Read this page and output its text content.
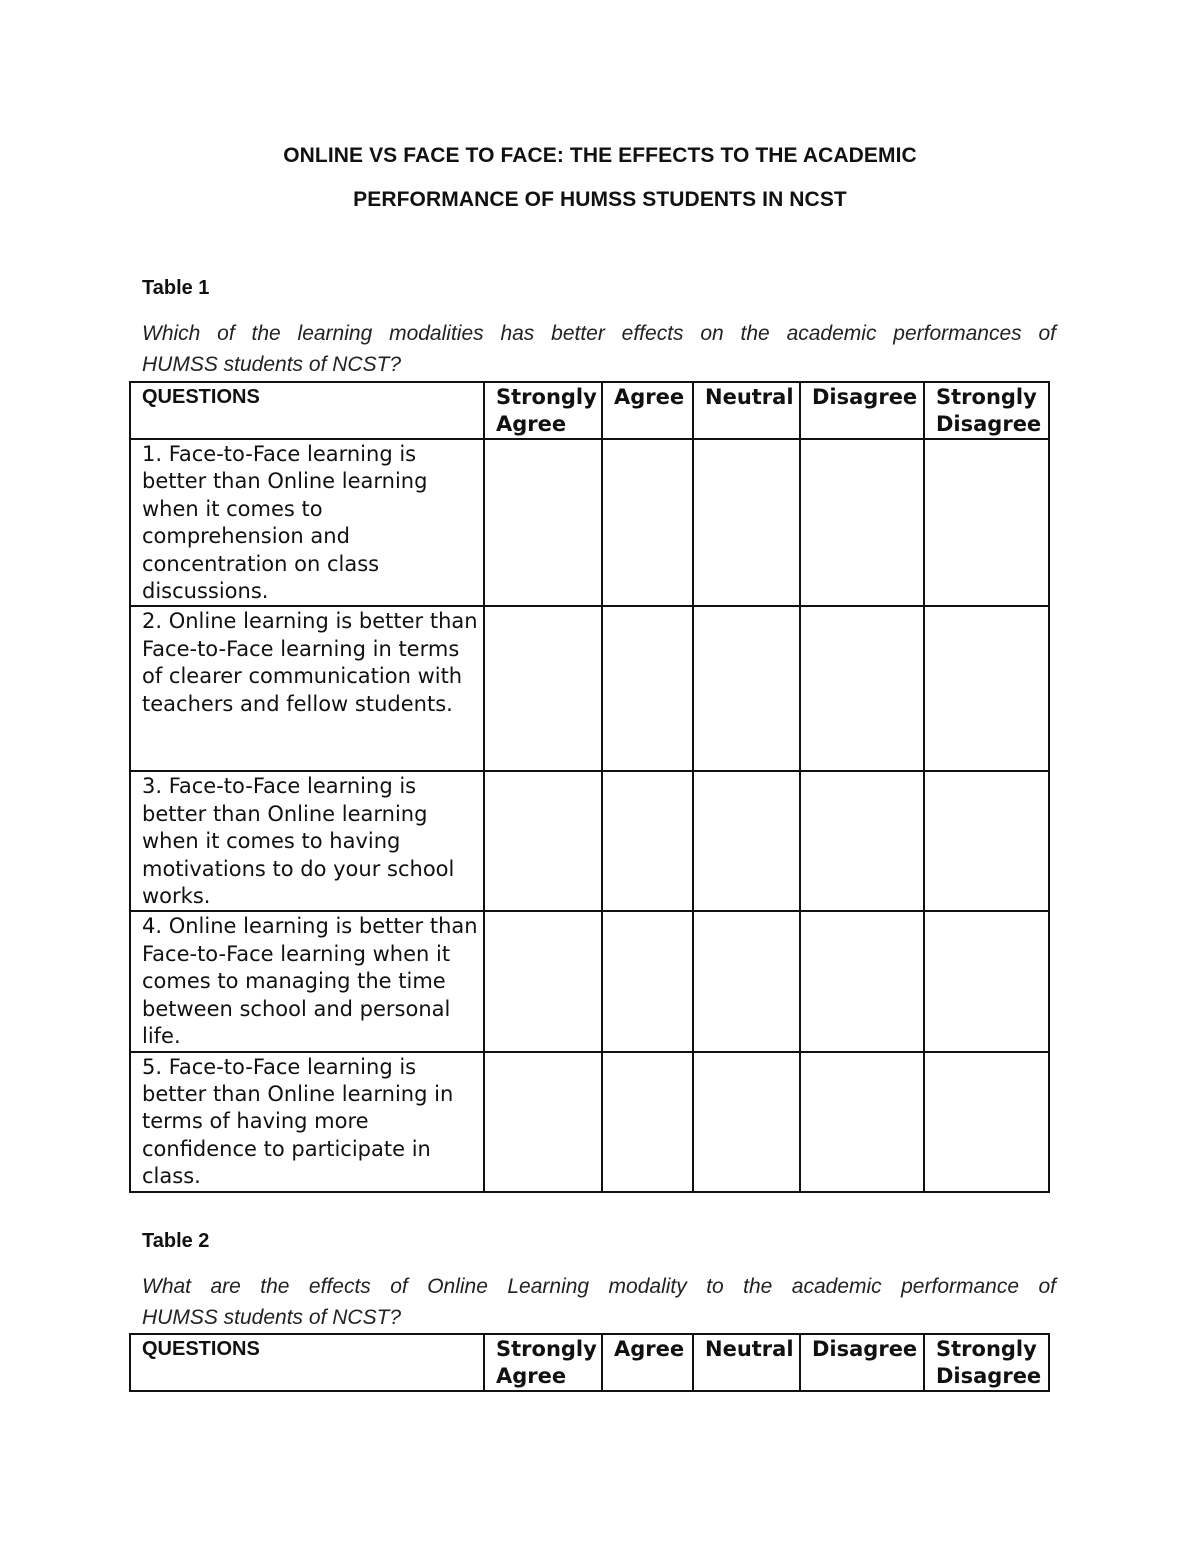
ONLINE VS FACE TO FACE: THE EFFECTS TO THE ACADEMIC
PERFORMANCE OF HUMSS STUDENTS IN NCST
Table 1
Which of the learning modalities has better effects on the academic performances of
HUMSS students of NCST?
QUESTIONS	Strongly Agree	Agree	Neutral	Disagree	Strongly Disagree
1. Face-to-Face learning is better than Online learning when it comes to comprehension and concentration on class discussions.					
2. Online learning is better than Face-to-Face learning in terms of clearer communication with teachers and fellow students.					
3. Face-to-Face learning is better than Online learning when it comes to having motivations to do your school works.					
4. Online learning is better than Face-to-Face learning when it comes to managing the time between school and personal life.					
5. Face-to-Face learning is better than Online learning in terms of having more confidence to participate in class.					
Table 2
What are the effects of Online Learning modality to the academic performance of
HUMSS students of NCST?
QUESTIONS	Strongly Agree	Agree	Neutral	Disagree	Strongly Disagree
